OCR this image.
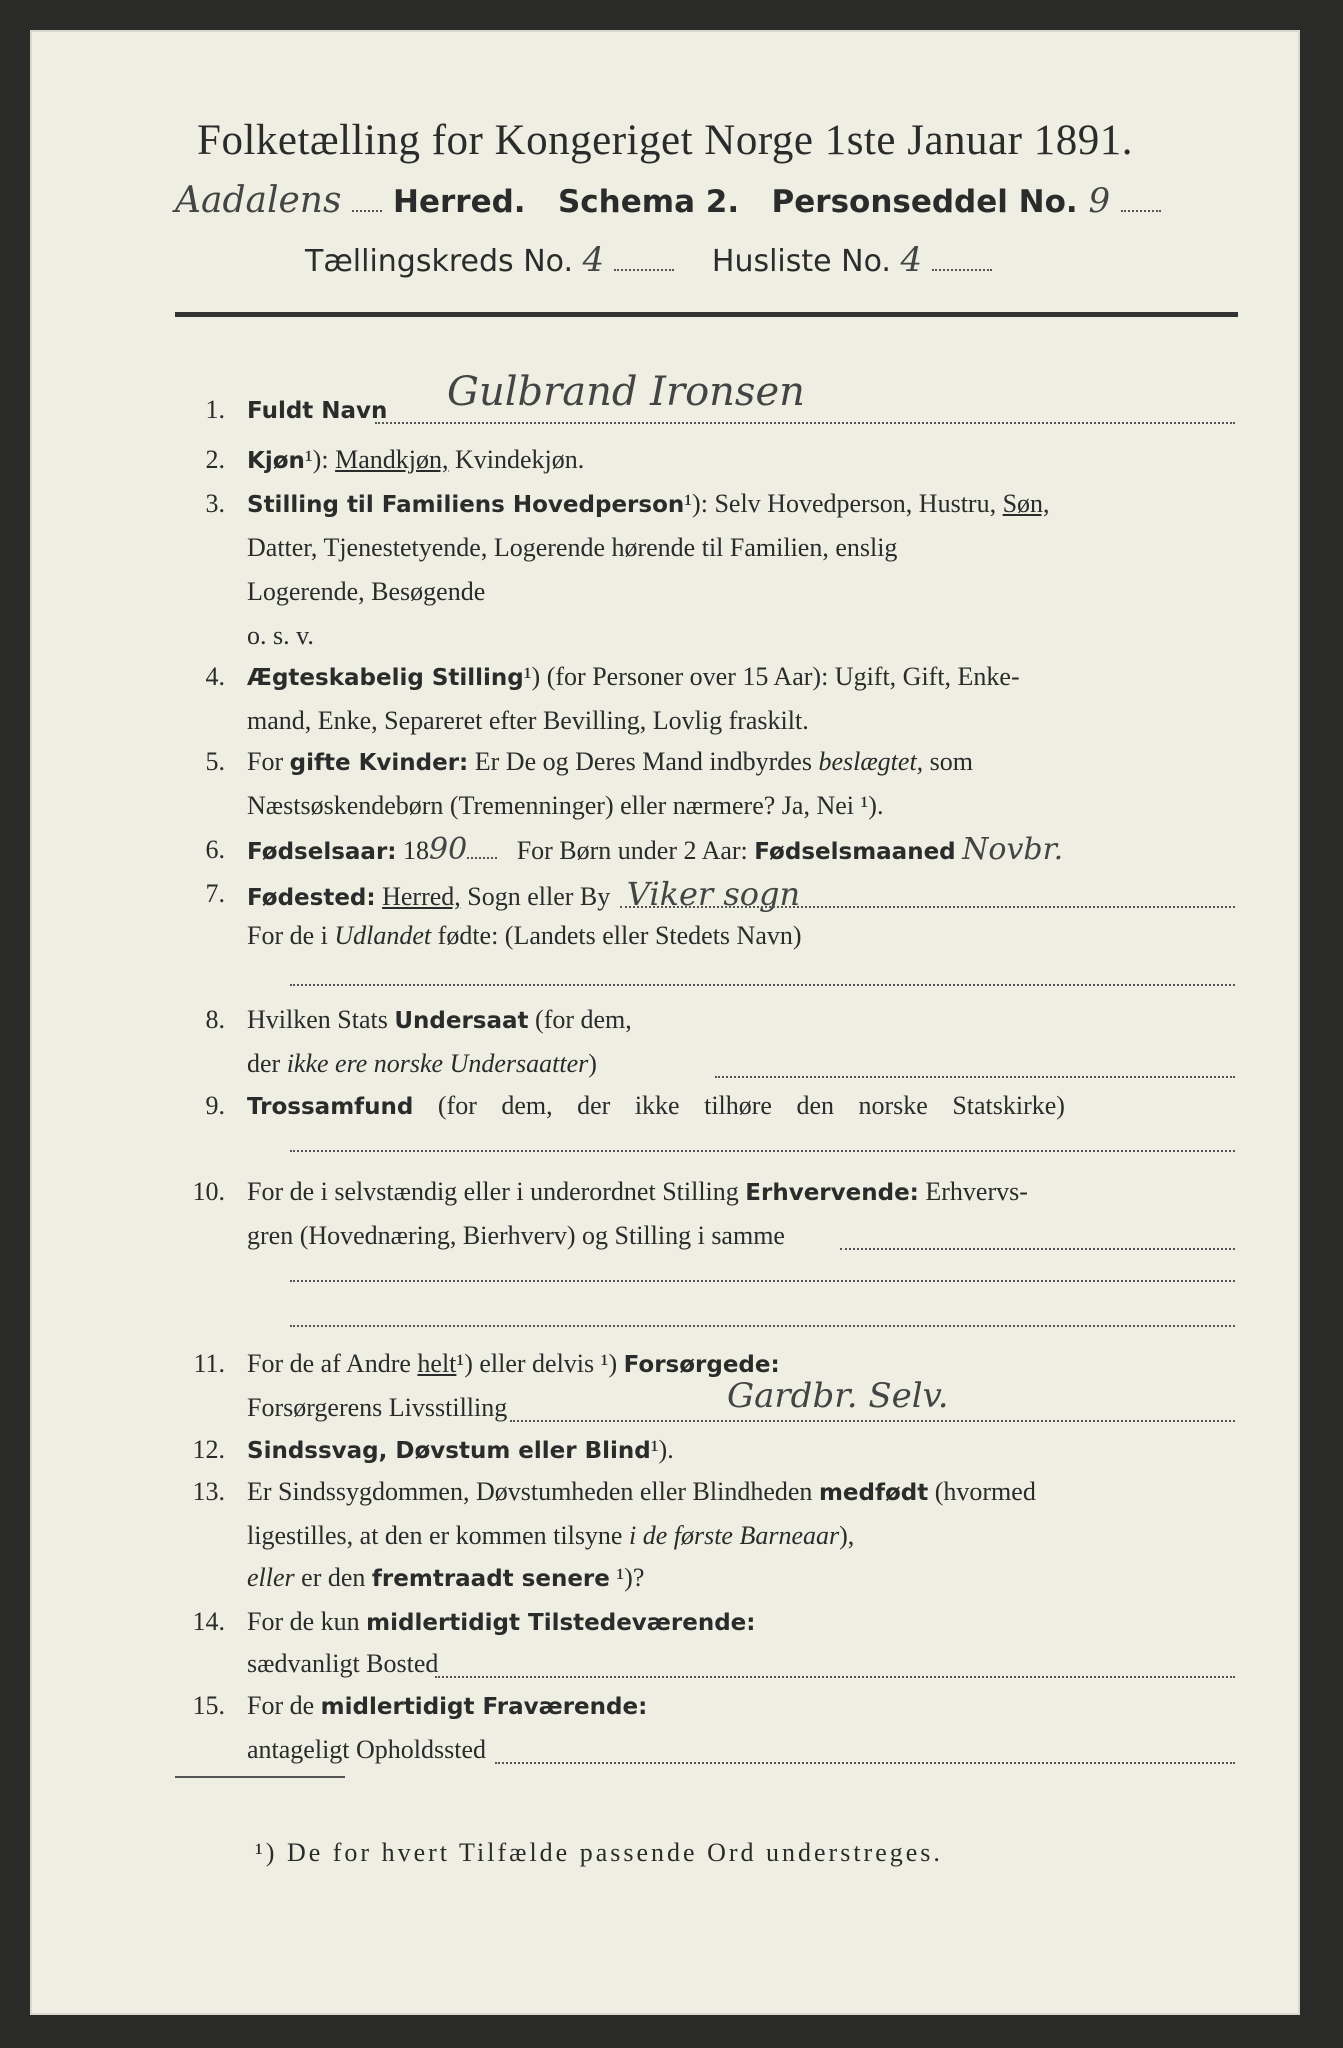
Folketælling for Kongeriget Norge 1ste Januar 1891.
Aadalens Herred. Schema 2. Personseddel No. 9
Tællingskreds No. 4	Husliste No. 4
1. Fuldt Navn Gulbrand Ironsen
2. Kjøn¹): Mandkjøn, Kvindekjøn.
3. Stilling til Familiens Hovedperson¹): Selv Hovedperson, Hustru, Søn,
Datter, Tjenestetyende, Logerende hørende til Familien, enslig
Logerende, Besøgende
o. s. v.
4. Ægteskabelig Stilling¹) (for Personer over 15 Aar): Ugift, Gift, Enke-
mand, Enke, Separeret efter Bevilling, Lovlig fraskilt.
5. For gifte Kvinder: Er De og Deres Mand indbyrdes beslægtet, som
Næstsøskendebørn (Tremenninger) eller nærmere? Ja, Nei ¹).
6. Fødselsaar: 1890 For Børn under 2 Aar: Fødselsmaaned Novbr.
7. Fødested: Herred, Sogn eller By Viker sogn
For de i Udlandet fødte: (Landets eller Stedets Navn)
8. Hvilken Stats Undersaat (for dem,
der ikke ere norske Undersaatter)
9. Trossamfund (for dem, der ikke tilhøre den norske Statskirke)
10. For de i selvstændig eller i underordnet Stilling Erhvervende: Erhvervs-
gren (Hovednæring, Bierhverv) og Stilling i samme
11. For de af Andre helt¹) eller delvis ¹) Forsørgede:
Forsørgerens Livsstilling	Gardbr. Selv.
12. Sindssvag, Døvstum eller Blind¹).
13. Er Sindssygdommen, Døvstumheden eller Blindheden medfødt (hvormed
ligestilles, at den er kommen tilsyne i de første Barneaar),
eller er den fremtraadt senere ¹)?
14. For de kun midlertidigt Tilstedeværende:
sædvanligt Bosted
15. For de midlertidigt Fraværende:
antageligt Opholdssted
¹) De for hvert Tilfælde passende Ord understreges.
